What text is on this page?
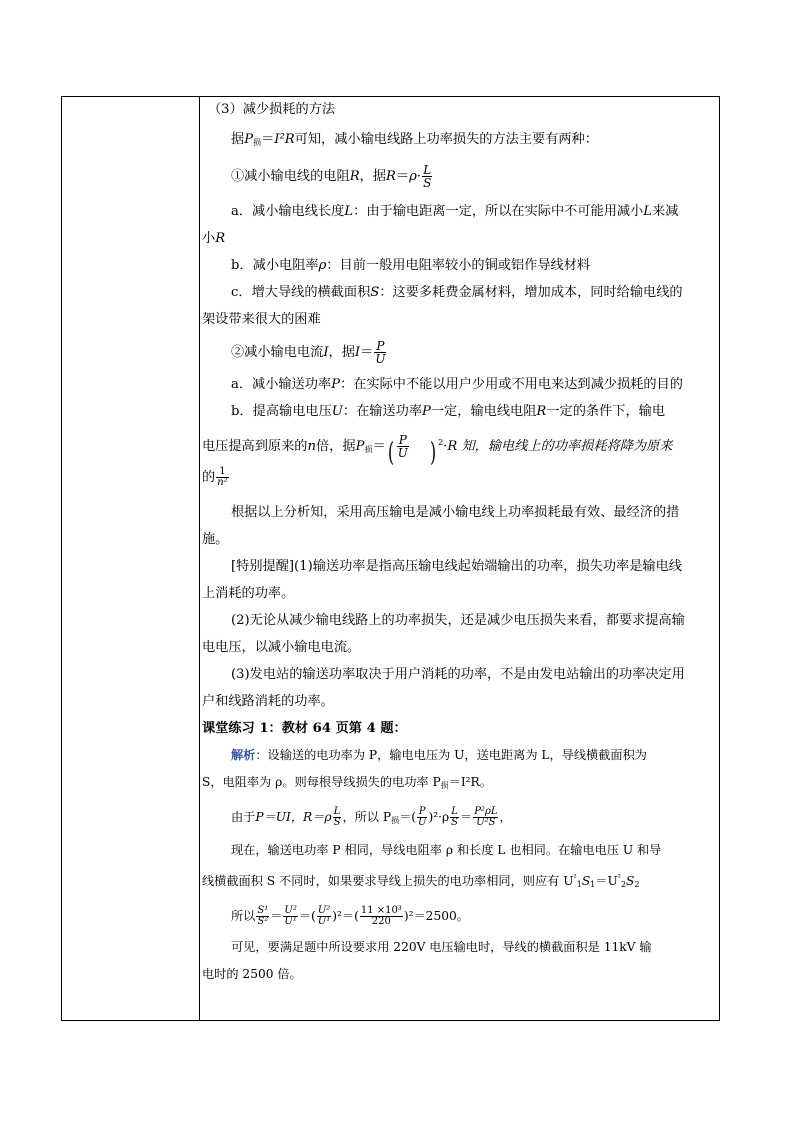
（3）减少损耗的方法
据$P_损=I^2R$可知，减小输电线路上功率损失的方法主要有两种：
①减小输电线的电阻R，据$R=\rho\cdot \frac{L}{S}$
a．减小输电线长度L：由于输电距离一定，所以在实际中不可能用减小L来减
小R
b．减小电阻率ρ：目前一般用电阻率较小的铜或铝作导线材料
c．增大导线的横截面积S：这要多耗费金属材料，增加成本，同时给输电线的
架设带来很大的困难
②减小输电电流I，据$I= \frac{P}{U}$
a．减小输送功率P：在实际中不能以用户少用或不用电来达到减少损耗的目的
b．提高输电电压U：在输送功率P一定，输电线电阻R一定的条件下，输电
电压提高到原来的n倍，据$P_损=( \frac{P}{U}$ ) $^2$·R 知，输电线上的功率损耗将降为原来
的 $\frac{1}{\text{n²}}$
根据以上分析知，采用高压输电是减小输电线上功率损耗最有效、最经济的措
施。
[特别提醒](1)输送功率是指高压输电线起始端输出的功率，损失功率是输电线
上消耗的功率。
(2)无论从减少输电线路上的功率损失，还是减少电压损失来看，都要求提高输
电电压，以减小输电电流。
(3)发电站的输送功率取决于用户消耗的功率，不是由发电站输出的功率决定用
户和线路消耗的功率。
课堂练习 1：教材 64 页第 4 题：
解析：设输送的电功率为 P，输电电压为 U，送电距离为 L，导线横截面积为
S，电阻率为 ρ。则每根导线损失的电功率 $P_损=I^2R$。
由于P＝UI，$R=\rho \frac{L}{S}$ ，所以 $P_损=( \frac{P}{U} )^2\cdot\rho \frac{L}{S} = \frac{\text{P²ρL}}{\text{U²S}}$ ，
现在，输送电功率 P 相同，导线电阻率 ρ 和长度 L 也相同。在输电电压 U 和导
线横截面积 S 不同时，如果要求导线上损失的电功率相同，则应有 $U^{^2}_1S_1=U^{^2}_2S_2$
所以 $\frac{\text{S¹}}{\text{S²}} = \frac{\text{U²}}{\text{U¹}}$ ＝( $\frac{\text{U²}}{\text{U¹}} )^2=( \frac{\text{11 ×10³}}{220} )^2=2500$。
可见，要满足题中所设要求用 220V 电压输电时，导线的横截面积是 11kV 输
电时的 2500 倍。
